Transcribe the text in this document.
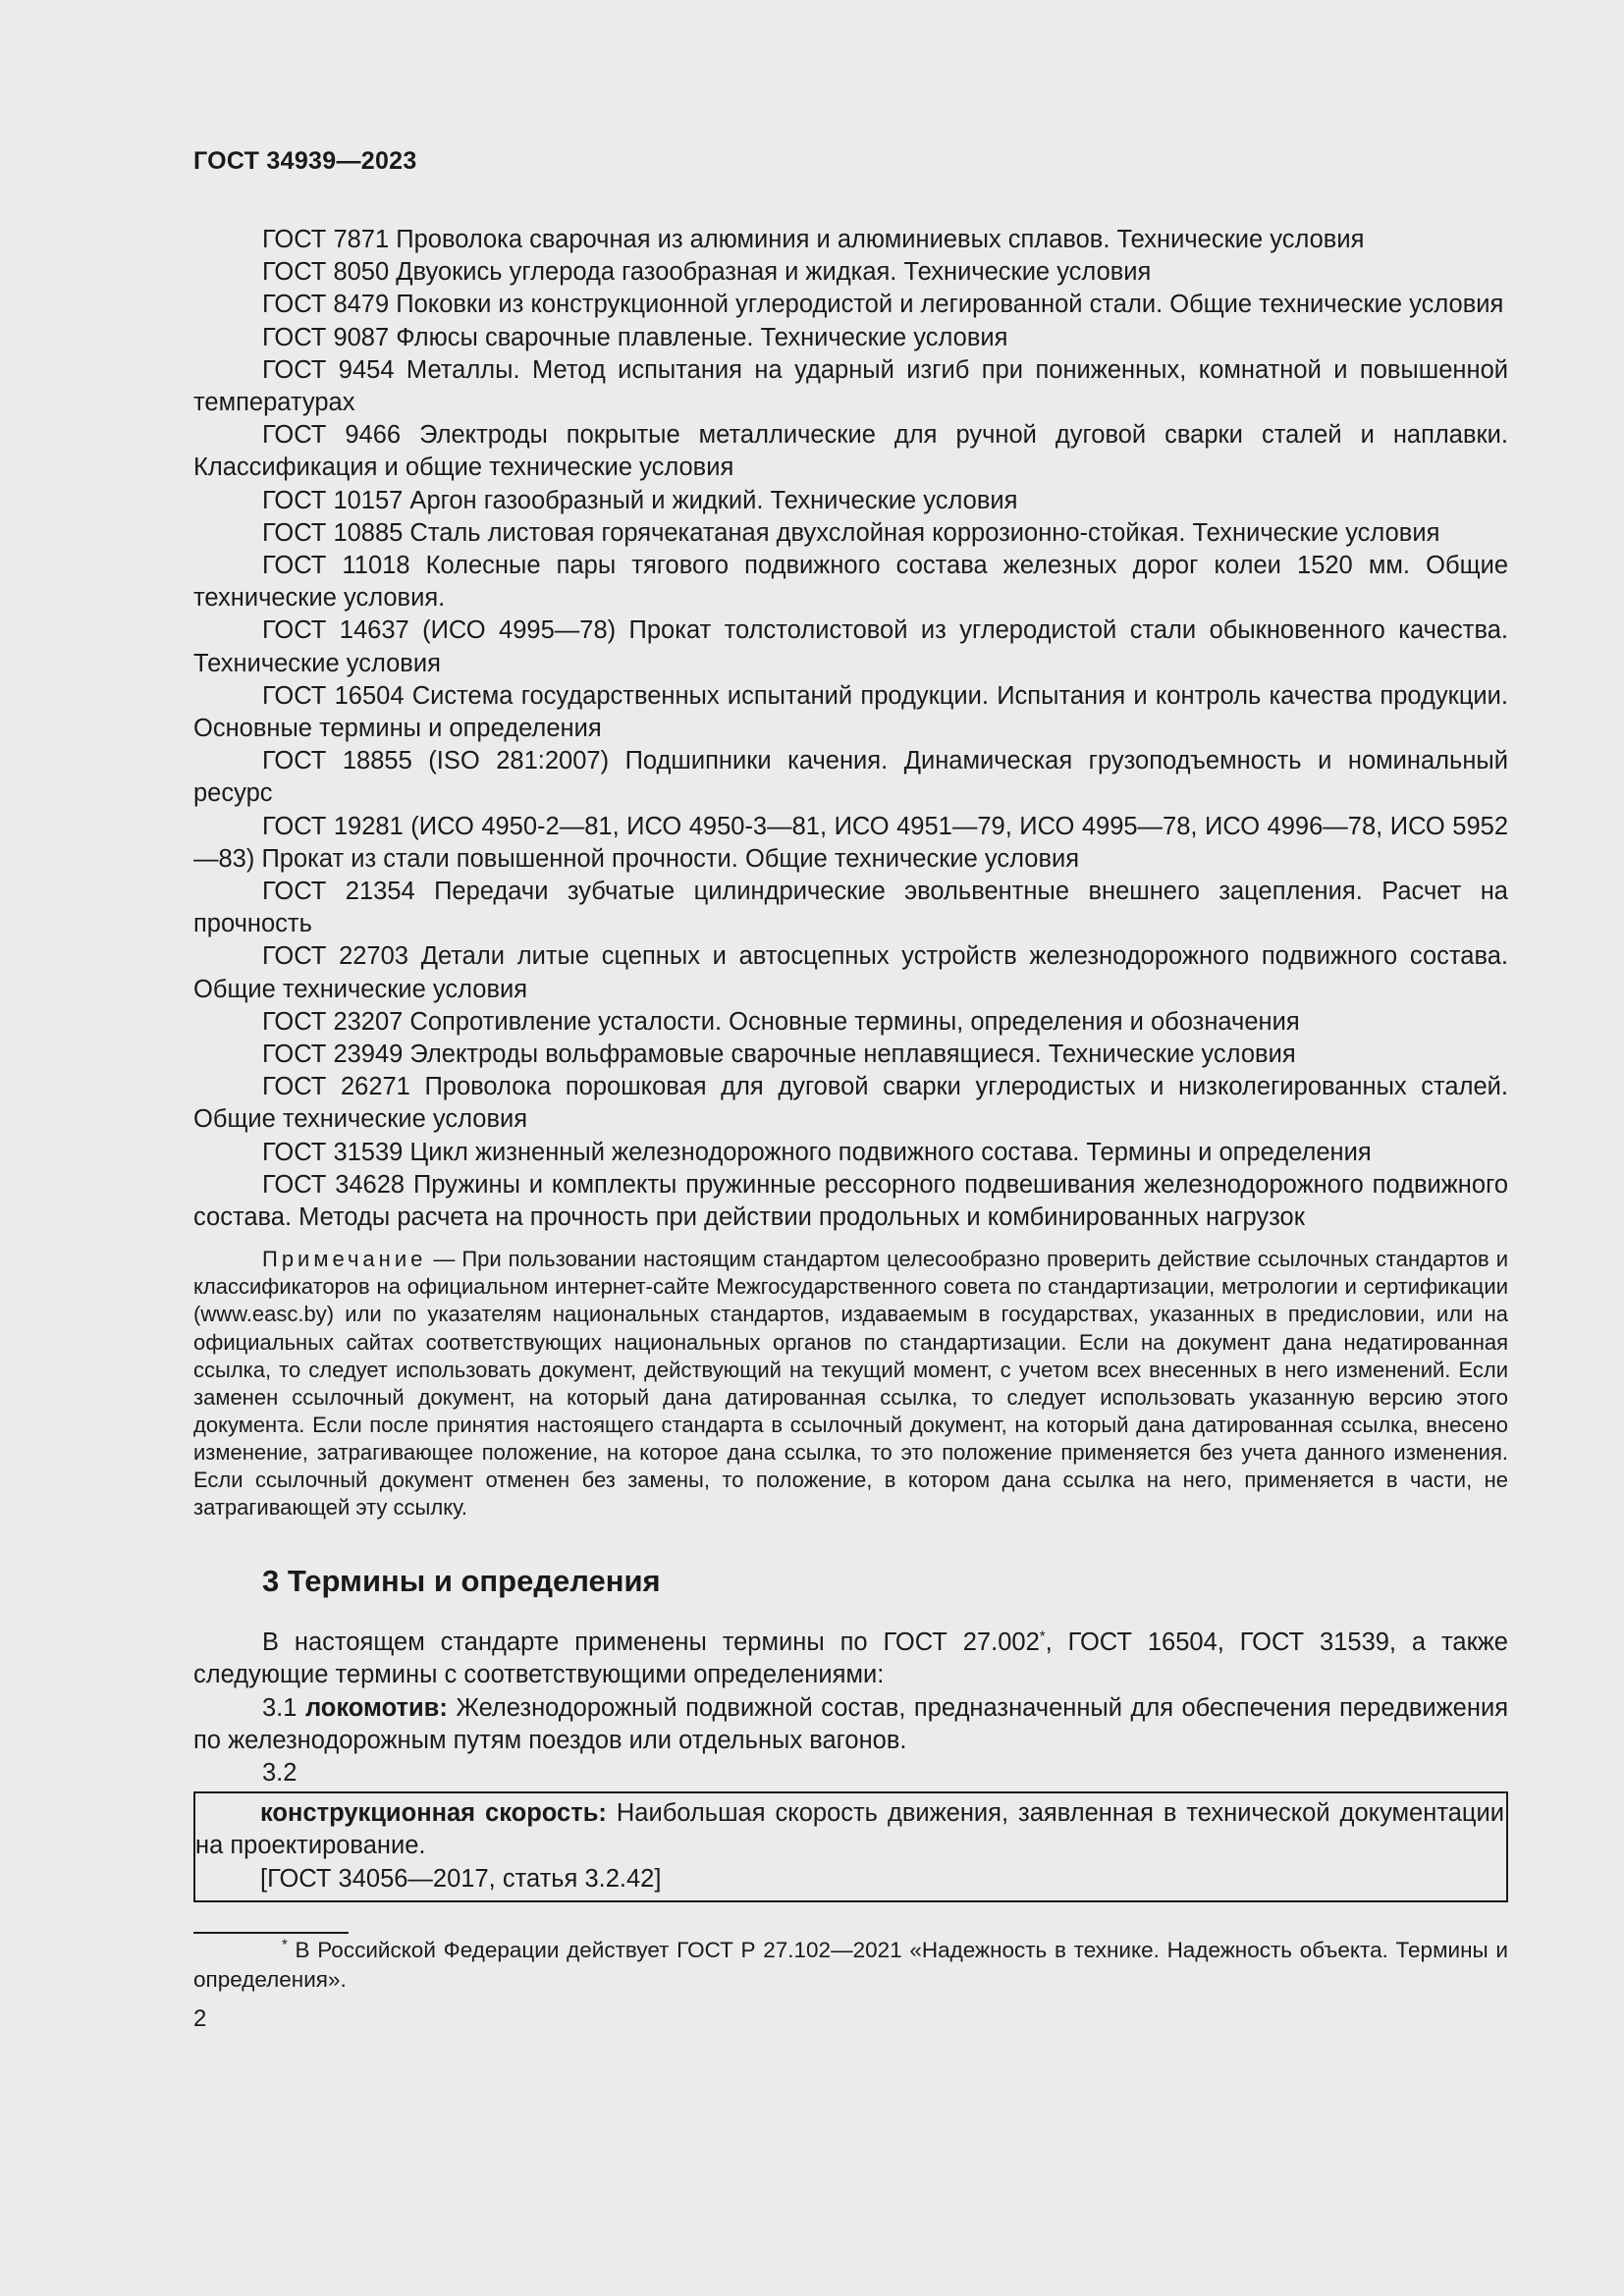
ГОСТ 34939—2023

ГОСТ 7871 Проволока сварочная из алюминия и алюминиевых сплавов. Технические условия

ГОСТ 8050 Двуокись углерода газообразная и жидкая. Технические условия

ГОСТ 8479 Поковки из конструкционной углеродистой и легированной стали. Общие технические условия

ГОСТ 9087 Флюсы сварочные плавленые. Технические условия

ГОСТ 9454 Металлы. Метод испытания на ударный изгиб при пониженных, комнатной и повышенной температурах

ГОСТ 9466 Электроды покрытые металлические для ручной дуговой сварки сталей и наплавки. Классификация и общие технические условия

ГОСТ 10157 Аргон газообразный и жидкий. Технические условия

ГОСТ 10885 Сталь листовая горячекатаная двухслойная коррозионно-стойкая. Технические условия

ГОСТ 11018 Колесные пары тягового подвижного состава железных дорог колеи 1520 мм. Общие технические условия.

ГОСТ 14637 (ИСО 4995—78) Прокат толстолистовой из углеродистой стали обыкновенного качества. Технические условия

ГОСТ 16504 Система государственных испытаний продукции. Испытания и контроль качества продукции. Основные термины и определения

ГОСТ 18855 (ISO 281:2007) Подшипники качения. Динамическая грузоподъемность и номинальный ресурс

ГОСТ 19281 (ИСО 4950-2—81, ИСО 4950-3—81, ИСО 4951—79, ИСО 4995—78, ИСО 4996—78, ИСО 5952—83) Прокат из стали повышенной прочности. Общие технические условия

ГОСТ 21354 Передачи зубчатые цилиндрические эвольвентные внешнего зацепления. Расчет на прочность

ГОСТ 22703 Детали литые сцепных и автосцепных устройств железнодорожного подвижного состава. Общие технические условия

ГОСТ 23207 Сопротивление усталости. Основные термины, определения и обозначения

ГОСТ 23949 Электроды вольфрамовые сварочные неплавящиеся. Технические условия

ГОСТ 26271 Проволока порошковая для дуговой сварки углеродистых и низколегированных сталей. Общие технические условия

ГОСТ 31539 Цикл жизненный железнодорожного подвижного состава. Термины и определения

ГОСТ 34628 Пружины и комплекты пружинные рессорного подвешивания железнодорожного подвижного состава. Методы расчета на прочность при действии продольных и комбинированных нагрузок

Примечание — При пользовании настоящим стандартом целесообразно проверить действие ссылочных стандартов и классификаторов на официальном интернет-сайте Межгосударственного совета по стандартизации, метрологии и сертификации (www.easc.by) или по указателям национальных стандартов, издаваемым в государствах, указанных в предисловии, или на официальных сайтах соответствующих национальных органов по стандартизации. Если на документ дана недатированная ссылка, то следует использовать документ, действующий на текущий момент, с учетом всех внесенных в него изменений. Если заменен ссылочный документ, на который дана датированная ссылка, то следует использовать указанную версию этого документа. Если после принятия настоящего стандарта в ссылочный документ, на который дана датированная ссылка, внесено изменение, затрагивающее положение, на которое дана ссылка, то это положение применяется без учета данного изменения. Если ссылочный документ отменен без замены, то положение, в котором дана ссылка на него, применяется в части, не затрагивающей эту ссылку.

3 Термины и определения

В настоящем стандарте применены термины по ГОСТ 27.002*, ГОСТ 16504, ГОСТ 31539, а также следующие термины с соответствующими определениями:

3.1 локомотив: Железнодорожный подвижной состав, предназначенный для обеспечения передвижения по железнодорожным путям поездов или отдельных вагонов.

3.2

конструкционная скорость: Наибольшая скорость движения, заявленная в технической документации на проектирование.

[ГОСТ 34056—2017, статья 3.2.42]

* В Российской Федерации действует ГОСТ Р 27.102—2021 «Надежность в технике. Надежность объекта. Термины и определения».

2
